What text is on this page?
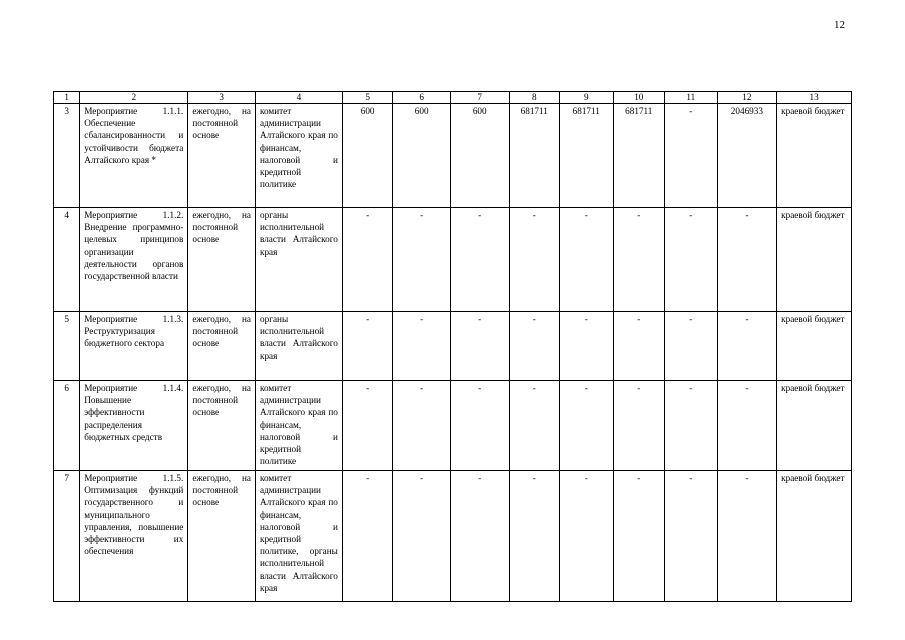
12
1	2	3	4	5	6	7	8	9	10	11	12	13
3	Мероприятие 1.1.1. Обеспечение сбалансированности и устойчивости бюджета Алтайского края *	ежегодно, на постоянной основе	комитет администрации Алтайского края по финансам, налоговой и кредитной политике	600	600	600	681711	681711	681711	-	2046933	краевой бюджет
4	Мероприятие 1.1.2. Внедрение программно-целевых принципов организации деятельности органов государственной власти	ежегодно, на постоянной основе	органы исполнительной власти Алтайского края	-	-	-	-	-	-	-	-	краевой бюджет
5	Мероприятие 1.1.3. Реструктуризация бюджетного сектора	ежегодно, на постоянной основе	органы исполнительной власти Алтайского края	-	-	-	-	-	-	-	-	краевой бюджет
6	Мероприятие 1.1.4. Повышение эффективности распределения бюджетных средств	ежегодно, на постоянной основе	комитет администрации Алтайского края по финансам, налоговой и кредитной политике	-	-	-	-	-	-	-	-	краевой бюджет
7	Мероприятие 1.1.5. Оптимизация функций государственного и муниципального управления, повышение эффективности их обеспечения	ежегодно, на постоянной основе	комитет администрации Алтайского края по финансам, налоговой и кредитной политике, органы исполнительной власти Алтайского края	-	-	-	-	-	-	-	-	краевой бюджет
